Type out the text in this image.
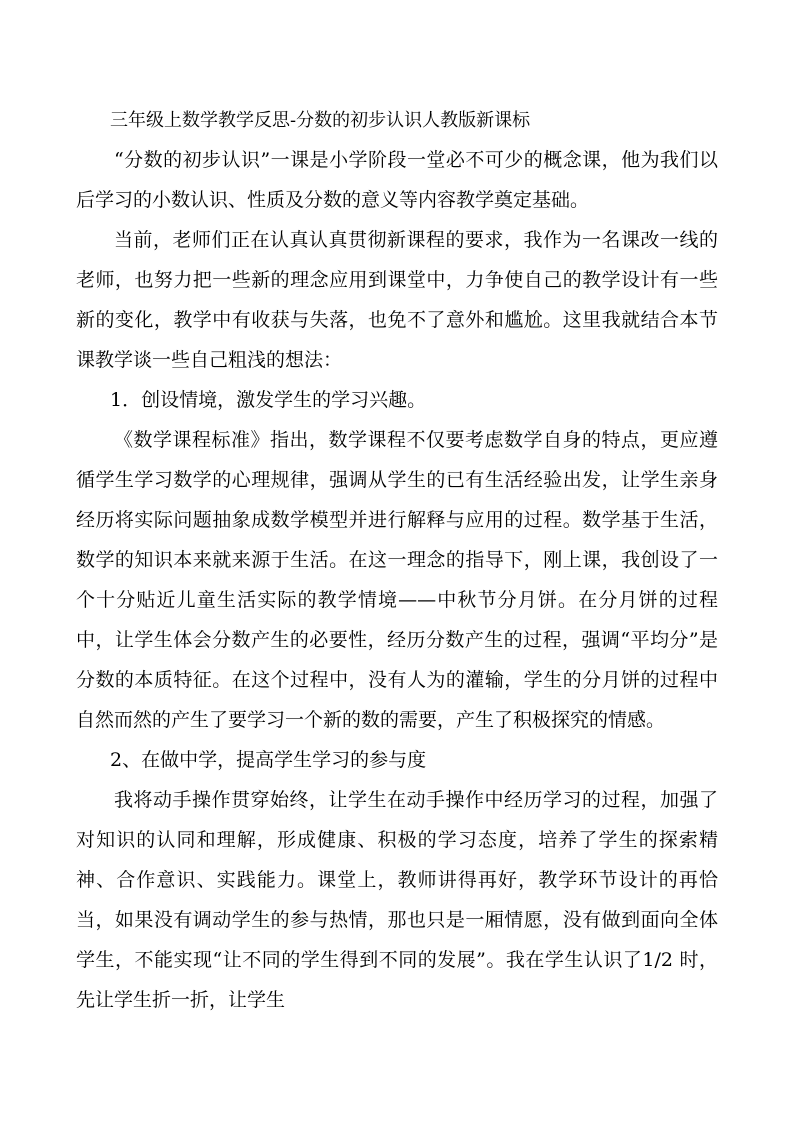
三年级上数学教学反思-分数的初步认识人教版新课标

“分数的初步认识”一课是小学阶段一堂必不可少的概念课，他为我们以后学习的小数认识、性质及分数的意义等内容教学奠定基础。

当前，老师们正在认真认真贯彻新课程的要求，我作为一名课改一线的老师，也努力把一些新的理念应用到课堂中，力争使自己的教学设计有一些新的变化，教学中有收获与失落，也免不了意外和尴尬。这里我就结合本节课教学谈一些自己粗浅的想法：

1．创设情境，激发学生的学习兴趣。

《数学课程标准》指出，数学课程不仅要考虑数学自身的特点，更应遵循学生学习数学的心理规律，强调从学生的已有生活经验出发，让学生亲身经历将实际问题抽象成数学模型并进行解释与应用的过程。数学基于生活，数学的知识本来就来源于生活。在这一理念的指导下，刚上课，我创设了一个十分贴近儿童生活实际的教学情境——中秋节分月饼。在分月饼的过程中，让学生体会分数产生的必要性，经历分数产生的过程，强调“平均分”是分数的本质特征。在这个过程中，没有人为的灌输，学生的分月饼的过程中自然而然的产生了要学习一个新的数的需要，产生了积极探究的情感。

2、在做中学，提高学生学习的参与度

我将动手操作贯穿始终，让学生在动手操作中经历学习的过程，加强了对知识的认同和理解，形成健康、积极的学习态度，培养了学生的探索精神、合作意识、实践能力。课堂上，教师讲得再好，教学环节设计的再恰当，如果没有调动学生的参与热情，那也只是一厢情愿，没有做到面向全体学生，不能实现“让不同的学生得到不同的发展”。我在学生认识了1/2 时，先让学生折一折，让学生
